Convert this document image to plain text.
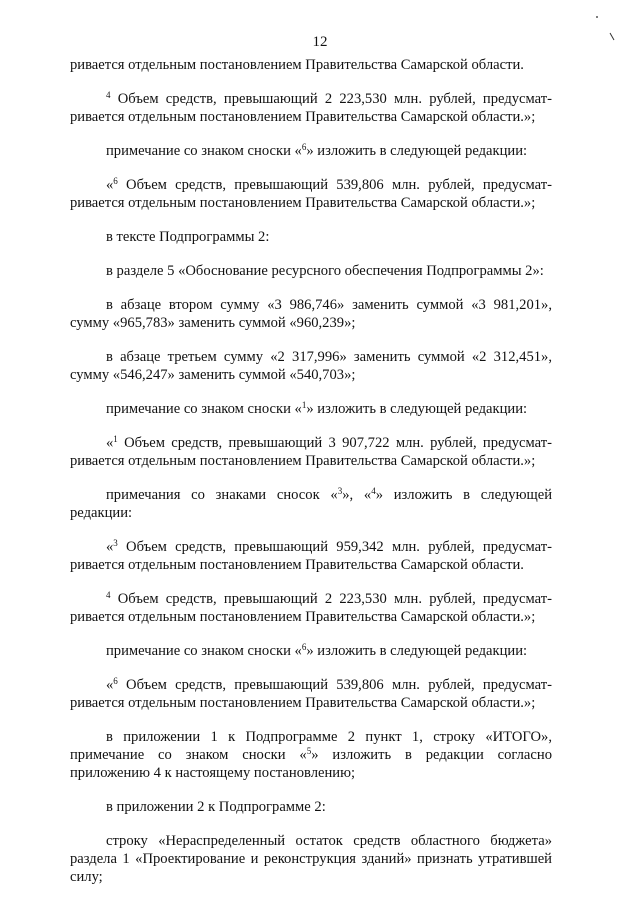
12

ривается отдельным постановлением Правительства Самарской области.

$^4$ Объем средств, превышающий 2 223,530 млн. рублей, предусмат- ривается отдельным постановлением Правительства Самарской области.»;

примечание со знаком сноски «$^6$» изложить в следующей редакции:

«$^6$ Объем средств, превышающий 539,806 млн. рублей, предусмат- ривается отдельным постановлением Правительства Самарской области.»;

в тексте Подпрограммы 2:

в разделе 5 «Обоснование ресурсного обеспечения Подпрограммы 2»:

в абзаце втором сумму «3 986,746» заменить суммой «3 981,201», сумму «965,783» заменить суммой «960,239»;

в абзаце третьем сумму «2 317,996» заменить суммой «2 312,451», сумму «546,247» заменить суммой «540,703»;

примечание со знаком сноски «$^1$» изложить в следующей редакции:

«$^1$ Объем средств, превышающий 3 907,722 млн. рублей, предусмат- ривается отдельным постановлением Правительства Самарской области.»;

примечания со знаками сносок «$^3$», «$^4$» изложить в следующей редакции:

«$^3$ Объем средств, превышающий 959,342 млн. рублей, предусмат- ривается отдельным постановлением Правительства Самарской области.

$^4$ Объем средств, превышающий 2 223,530 млн. рублей, предусмат- ривается отдельным постановлением Правительства Самарской области.»;

примечание со знаком сноски «$^6$» изложить в следующей редакции:

«$^6$ Объем средств, превышающий 539,806 млн. рублей, предусмат- ривается отдельным постановлением Правительства Самарской области.»;

в приложении 1 к Подпрограмме 2 пункт 1, строку «ИТОГО», примечание со знаком сноски «$^5$» изложить в редакции согласно приложению 4 к настоящему постановлению;

в приложении 2 к Подпрограмме 2:

строку «Нераспределенный остаток средств областного бюджета» раздела 1 «Проектирование и реконструкция зданий» признать утратившей силу;
